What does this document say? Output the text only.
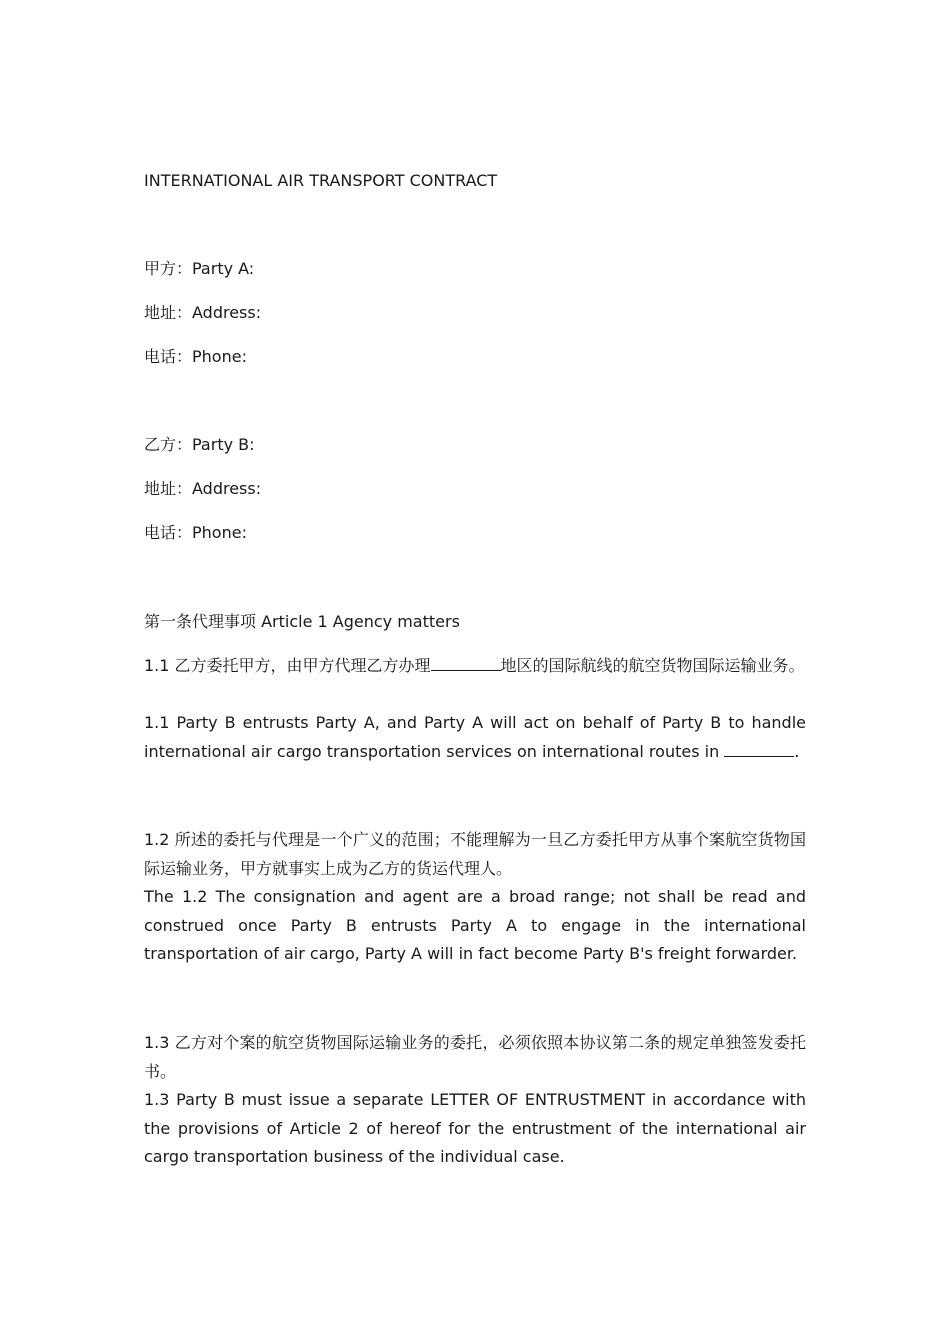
INTERNATIONAL AIR TRANSPORT CONTRACT
甲方：Party A:
地址：Address:
电话：Phone:
乙方：Party B:
地址：Address:
电话：Phone:
第一条代理事项 Article 1 Agency matters
1.1 乙方委托甲方，由甲方代理乙方办理	地区的国际航线的航空货物国际运输业务。
1.1 Party B entrusts Party A, and Party A will act on behalf of Party B to handle international air cargo transportation services on international routes in	.
1.2 所述的委托与代理是一个广义的范围；不能理解为一旦乙方委托甲方从事个案航空货物国际运输业务，甲方就事实上成为乙方的货运代理人。
The 1.2 The consignation and agent are a broad range; not shall be read and construed once Party B entrusts Party A to engage in the international transportation of air cargo, Party A will in fact become Party B's freight forwarder.
1.3 乙方对个案的航空货物国际运输业务的委托，必须依照本协议第二条的规定单独签发委托书。
1.3 Party B must issue a separate LETTER OF ENTRUSTMENT in accordance with the provisions of Article 2 of hereof for the entrustment of the international air cargo transportation business of the individual case.
